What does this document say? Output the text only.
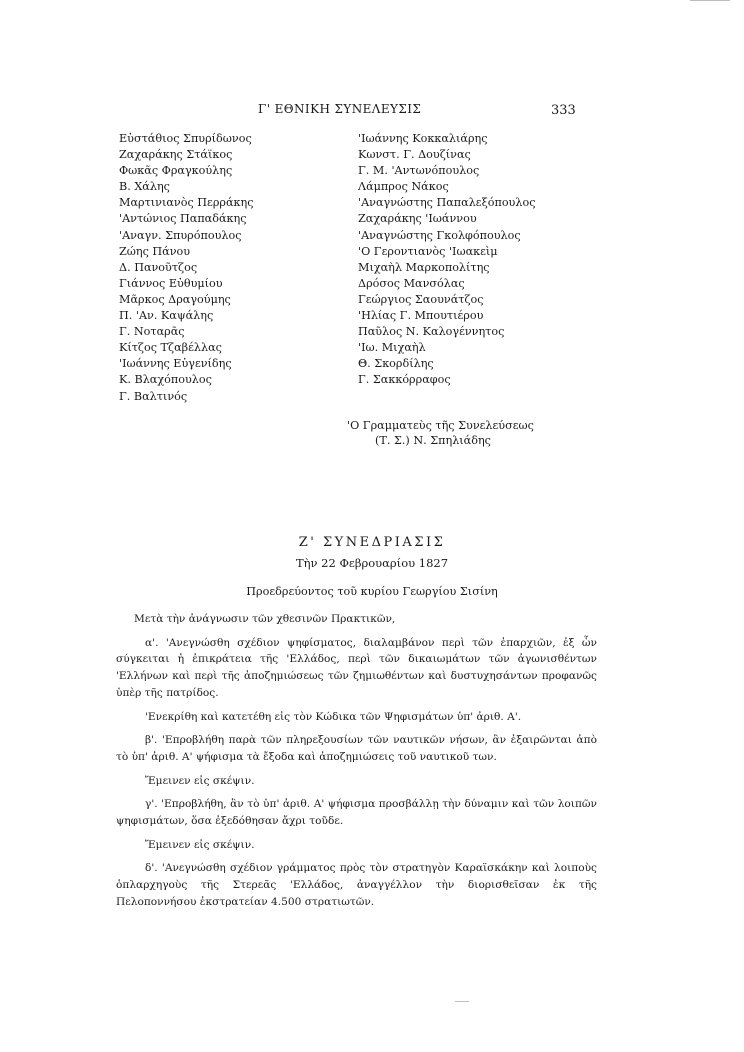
Γ' ΕΘΝΙΚΗ ΣΥΝΕΛΕΥΣΙΣ	333
Εὐστάθιος Σπυρίδωνος
Ζαχαράκης Στάϊκος
Φωκᾶς Φραγκούλης
Β. Χάλης
Μαρτινιανὸς Περράκης
'Αντώνιος Παπαδάκης
'Αναγν. Σπυρόπουλος
Ζώης Πάνου
Δ. Πανοῦτζος
Γιάννος Εὐθυμίου
Μᾶρκος Δραγούμης
Π. 'Αν. Καψάλης
Γ. Νοταρᾶς
Κίτζος Τζαβέλλας
'Ιωάννης Εὐγενίδης
Κ. Βλαχόπουλος
Γ. Βαλτινός
'Ιωάννης Κοκκαλιάρης
Κωνστ. Γ. Δουζίνας
Γ. Μ. 'Αντωνόπουλος
Λάμπρος Νάκος
'Αναγνώστης Παπαλεξόπουλος
Ζαχαράκης 'Ιωάννου
'Αναγνώστης Γκολφόπουλος
'Ο Γεροντιανὸς 'Ιωακεὶμ
Μιχαὴλ Μαρκοπολίτης
Δρόσος Μανσόλας
Γεώργιος Σαουνάτζος
'Ηλίας Γ. Μπουτιέρου
Παῦλος Ν. Καλογέννητος
'Ιω. Μιχαὴλ
Θ. Σκορδίλης
Γ. Σακκόρραφος
'Ο Γραμματεὺς τῆς Συνελεύσεως
(Τ. Σ.) Ν. Σπηλιάδης
Ζ' ΣΥΝΕΔΡΙΑΣΙΣ
Τὴν 22 Φεβρουαρίου 1827
Προεδρεύοντος τοῦ κυρίου Γεωργίου Σισίνη

Μετὰ τὴν ἀνάγνωσιν τῶν χθεσινῶν Πρακτικῶν,

α'. 'Ανεγνώσθη σχέδιον ψηφίσματος, διαλαμβάνον περὶ τῶν ἐπαρχιῶν, ἐξ ὧν σύγκειται ἡ ἐπικράτεια τῆς 'Ελλάδος, περὶ τῶν δικαιωμάτων τῶν ἀγωνισθέντων 'Ελλήνων καὶ περὶ τῆς ἀποζημιώσεως τῶν ζημιωθέντων καὶ δυστυχησάντων προφανῶς ὑπὲρ τῆς πατρίδος.

'Ενεκρίθη καὶ κατετέθη εἰς τὸν Κώδικα τῶν Ψηφισμάτων ὑπ' ἀριθ. Α'.

β'. 'Επροβλήθη παρὰ τῶν πληρεξουσίων τῶν ναυτικῶν νήσων, ἂν ἐξαιρῶνται ἀπὸ τὸ ὑπ' ἀριθ. Α' ψήφισμα τὰ ἔξοδα καὶ ἀποζημιώσεις τοῦ ναυτικοῦ των.

Ἔμεινεν εἰς σκέψιν.

γ'. 'Επροβλήθη, ἂν τὸ ὑπ' ἀριθ. Α' ψήφισμα προσβάλλῃ τὴν δύναμιν καὶ τῶν λοιπῶν ψηφισμάτων, ὅσα ἐξεδόθησαν ἄχρι τοῦδε.

Ἔμεινεν εἰς σκέψιν.

δ'. 'Ανεγνώσθη σχέδιον γράμματος πρὸς τὸν στρατηγὸν Καραϊσκάκην καὶ λοιποὺς ὁπλαρχηγοὺς τῆς Στερεᾶς 'Ελλάδος, ἀναγγέλλον τὴν διορισθεῖσαν ἐκ τῆς Πελοποννήσου ἐκστρατείαν 4.500 στρατιωτῶν.
